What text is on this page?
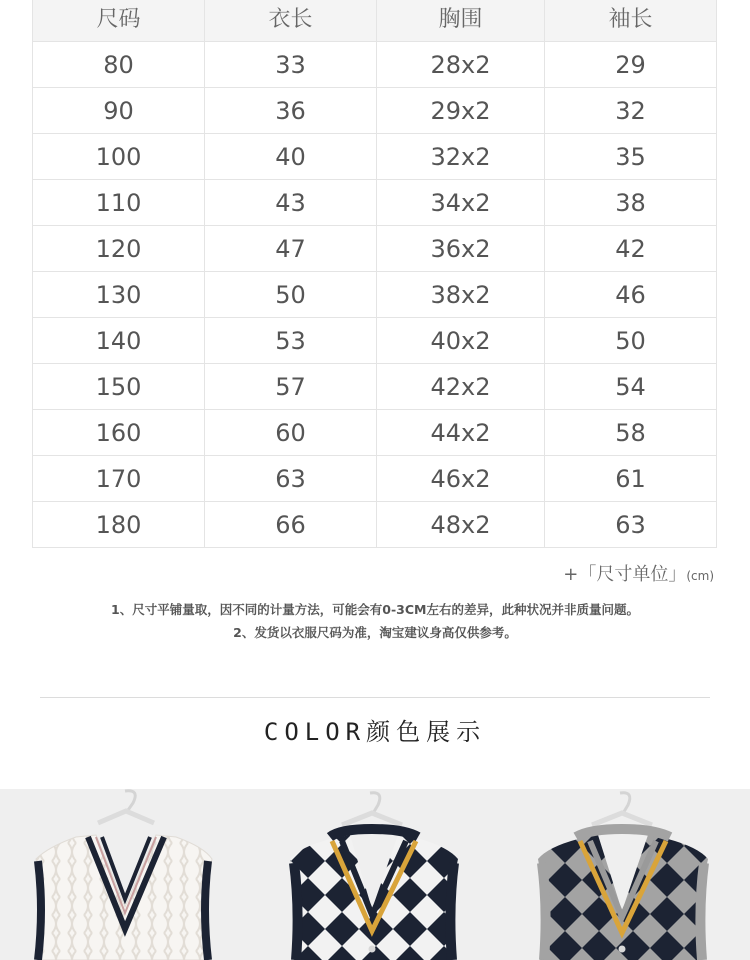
尺码	衣长	胸围	袖长
80	33	28x2	29
90	36	29x2	32
100	40	32x2	35
110	43	34x2	38
120	47	36x2	42
130	50	38x2	46
140	53	40x2	50
150	57	42x2	54
160	60	44x2	58
170	63	46x2	61
180	66	48x2	63
+「尺寸单位」(cm)
1、尺寸平铺量取，因不同的计量方法，可能会有0-3CM左右的差异，此种状况并非质量问题。
2、发货以衣服尺码为准，淘宝建议身高仅供参考。
COLOR颜色展示
